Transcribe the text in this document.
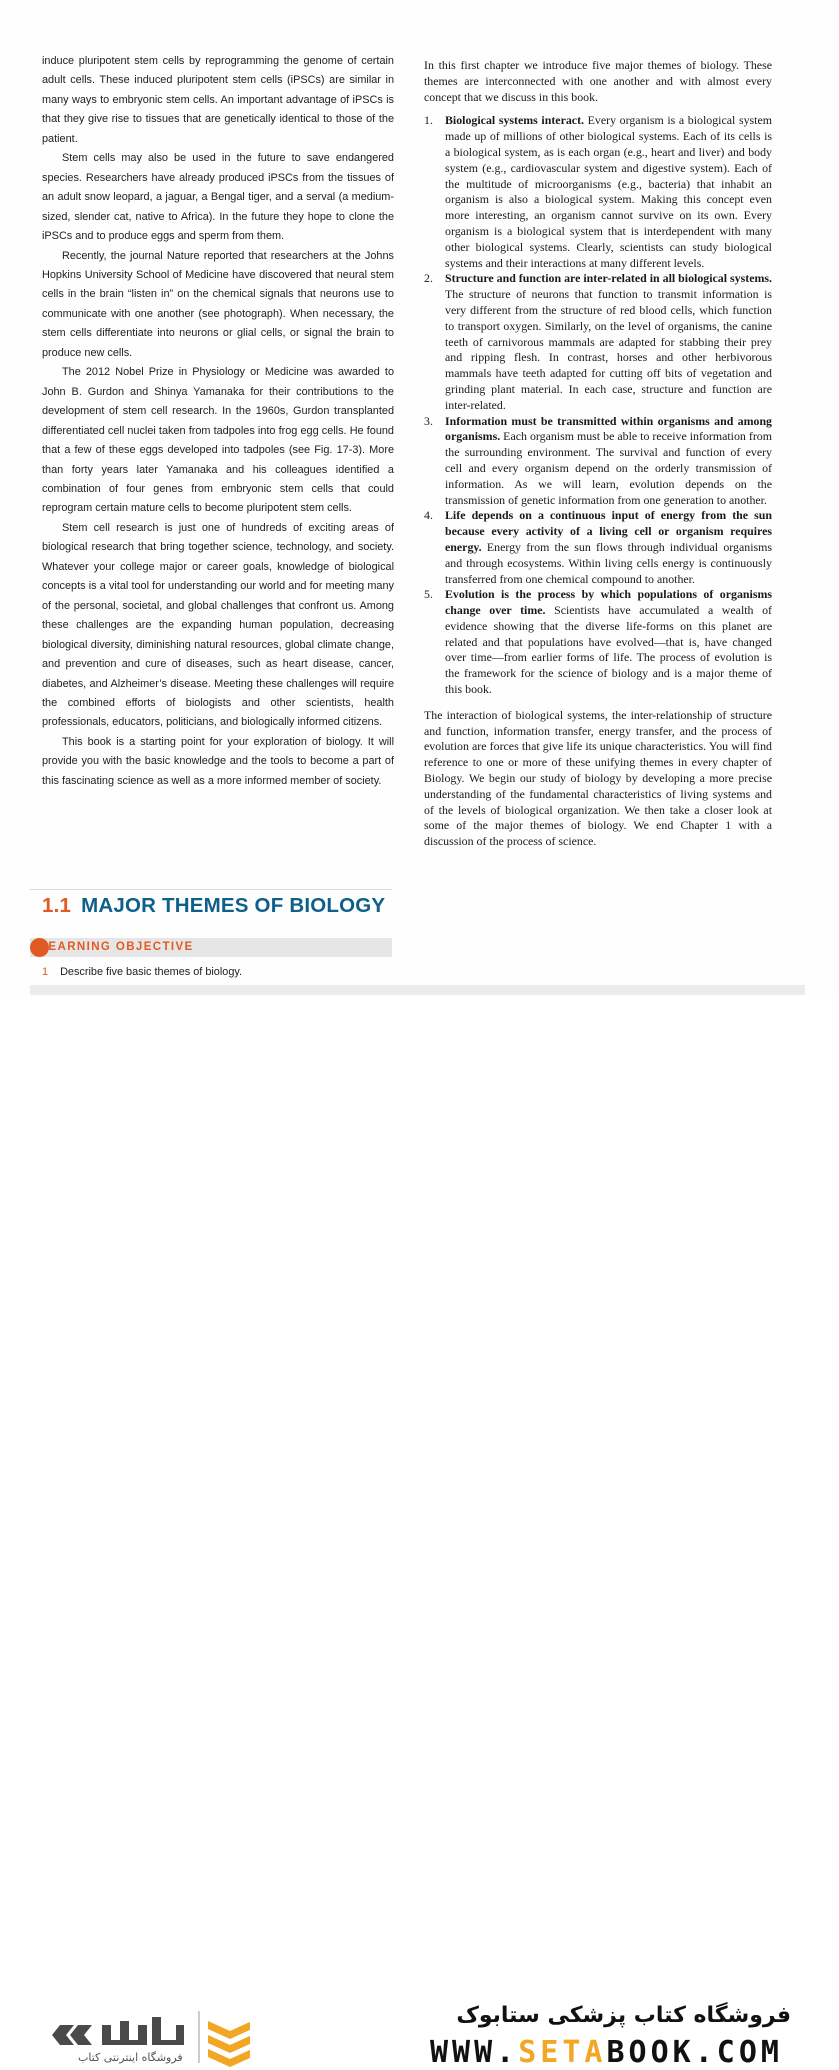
induce pluripotent stem cells by reprogramming the genome of certain adult cells. These induced pluripotent stem cells (iPSCs) are similar in many ways to embryonic stem cells. An important advantage of iPSCs is that they give rise to tissues that are genetically identical to those of the patient.

Stem cells may also be used in the future to save endangered species. Researchers have already produced iPSCs from the tissues of an adult snow leopard, a jaguar, a Bengal tiger, and a serval (a medium-sized, slender cat, native to Africa). In the future they hope to clone the iPSCs and to produce eggs and sperm from them.

Recently, the journal Nature reported that researchers at the Johns Hopkins University School of Medicine have discovered that neural stem cells in the brain “listen in” on the chemical signals that neurons use to communicate with one another (see photograph). When necessary, the stem cells differentiate into neurons or glial cells, or signal the brain to produce new cells.

The 2012 Nobel Prize in Physiology or Medicine was awarded to John B. Gurdon and Shinya Yamanaka for their contributions to the development of stem cell research. In the 1960s, Gurdon transplanted differentiated cell nuclei taken from tadpoles into frog egg cells. He found that a few of these eggs developed into tadpoles (see Fig. 17-3). More than forty years later Yamanaka and his colleagues identified a combination of four genes from embryonic stem cells that could reprogram certain mature cells to become pluripotent stem cells.

Stem cell research is just one of hundreds of exciting areas of biological research that bring together science, technology, and society. Whatever your college major or career goals, knowledge of biological concepts is a vital tool for understanding our world and for meeting many of the personal, societal, and global challenges that confront us. Among these challenges are the expanding human population, decreasing biological diversity, diminishing natural resources, global climate change, and prevention and cure of diseases, such as heart disease, cancer, diabetes, and Alzheimer’s disease. Meeting these challenges will require the combined efforts of biologists and other scientists, health professionals, educators, politicians, and biologically informed citizens.

This book is a starting point for your exploration of biology. It will provide you with the basic knowledge and the tools to become a part of this fascinating science as well as a more informed member of society.

1.1 MAJOR THEMES OF BIOLOGY
LEARNING OBJECTIVE
1 Describe five basic themes of biology.

In this first chapter we introduce five major themes of biology. These themes are interconnected with one another and with almost every concept that we discuss in this book.

1. Biological systems interact. Every organism is a biological system made up of millions of other biological systems. Each of its cells is a biological system, as is each organ (e.g., heart and liver) and body system (e.g., cardiovascular system and digestive system). Each of the multitude of microorganisms (e.g., bacteria) that inhabit an organism is also a biological system. Making this concept even more interesting, an organism cannot survive on its own. Every organism is a biological system that is interdependent with many other biological systems. Clearly, scientists can study biological systems and their interactions at many different levels.
2. Structure and function are inter-related in all biological systems. The structure of neurons that function to transmit information is very different from the structure of red blood cells, which function to transport oxygen. Similarly, on the level of organisms, the canine teeth of carnivorous mammals are adapted for stabbing their prey and ripping flesh. In contrast, horses and other herbivorous mammals have teeth adapted for cutting off bits of vegetation and grinding plant material. In each case, structure and function are inter-related.
3. Information must be transmitted within organisms and among organisms. Each organism must be able to receive information from the surrounding environment. The survival and function of every cell and every organism depend on the orderly transmission of information. As we will learn, evolution depends on the transmission of genetic information from one generation to another.
4. Life depends on a continuous input of energy from the sun because every activity of a living cell or organism requires energy. Energy from the sun flows through individual organisms and through ecosystems. Within living cells energy is continuously transferred from one chemical compound to another.
5. Evolution is the process by which populations of organisms change over time. Scientists have accumulated a wealth of evidence showing that the diverse life-forms on this planet are related and that populations have evolved—that is, have changed over time—from earlier forms of life. The process of evolution is the framework for the science of biology and is a major theme of this book.

The interaction of biological systems, the inter-relationship of structure and function, information transfer, energy transfer, and the process of evolution are forces that give life its unique characteristics. You will find reference to one or more of these unifying themes in every chapter of Biology. We begin our study of biology by developing a more precise understanding of the fundamental characteristics of living systems and of the levels of biological organization. We then take a closer look at some of the major themes of biology. We end Chapter 1 with a discussion of the process of science.

فروشگاه اینترنتی کتاب
فروشگاه کتاب پزشکی ستابوک
WWW.SETABOOK.COM
